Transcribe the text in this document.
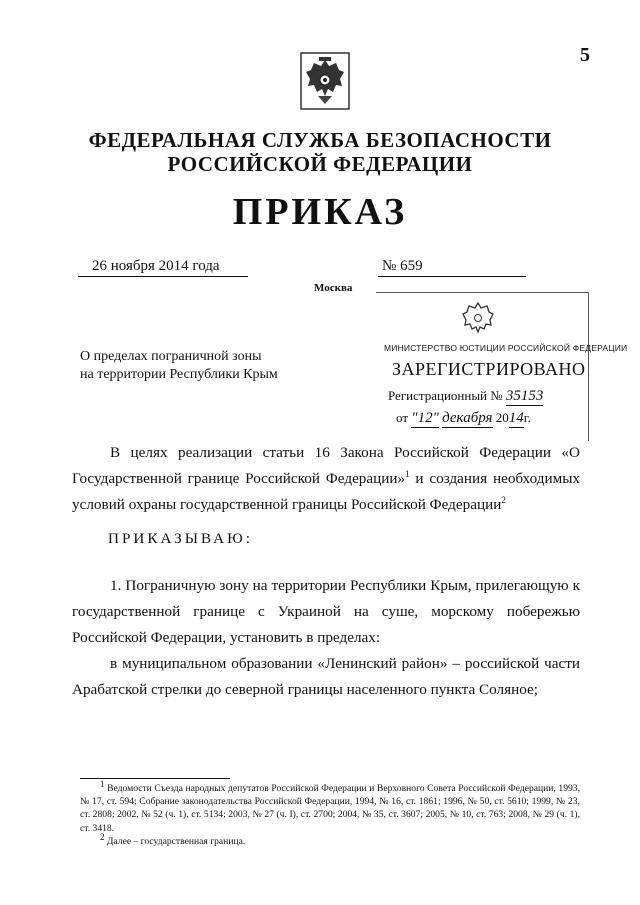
5
ФЕДЕРАЛЬНАЯ СЛУЖБА БЕЗОПАСНОСТИ
РОССИЙСКОЙ ФЕДЕРАЦИИ
ПРИКАЗ
26 ноября 2014 года	№ 659
Москва
О пределах пограничной зоны
на территории Республики Крым
МИНИСТЕРСТВО ЮСТИЦИИ РОССИЙСКОЙ ФЕДЕРАЦИИ
ЗАРЕГИСТРИРОВАНО
Регистрационный № 35153
от "12" декабря 2014г.
В целях реализации статьи 16 Закона Российской Федерации «О Государственной границе Российской Федерации»$^1$ и создания необходимых условий охраны государственной границы Российской Федерации$^2$
ПРИКАЗЫВАЮ:
1. Пограничную зону на территории Республики Крым, прилегающую к государственной границе с Украиной на суше, морскому побережью Российской Федерации, установить в пределах:
в муниципальном образовании «Ленинский район» – российской части Арабатской стрелки до северной границы населенного пункта Соляное;
$^1$ Ведомости Съезда народных депутатов Российской Федерации и Верховного Совета Российской Федерации, 1993, № 17, ст. 594; Собрание законодательства Российской Федерации, 1994, № 16, ст. 1861; 1996, № 50, ст. 5610; 1999, № 23, ст. 2808; 2002, № 52 (ч. 1), ст. 5134; 2003, № 27 (ч. I), ст. 2700; 2004, № 35, ст. 3607; 2005, № 10, ст. 763; 2008, № 29 (ч. 1), ст. 3418.
$^2$ Далее – государственная граница.
